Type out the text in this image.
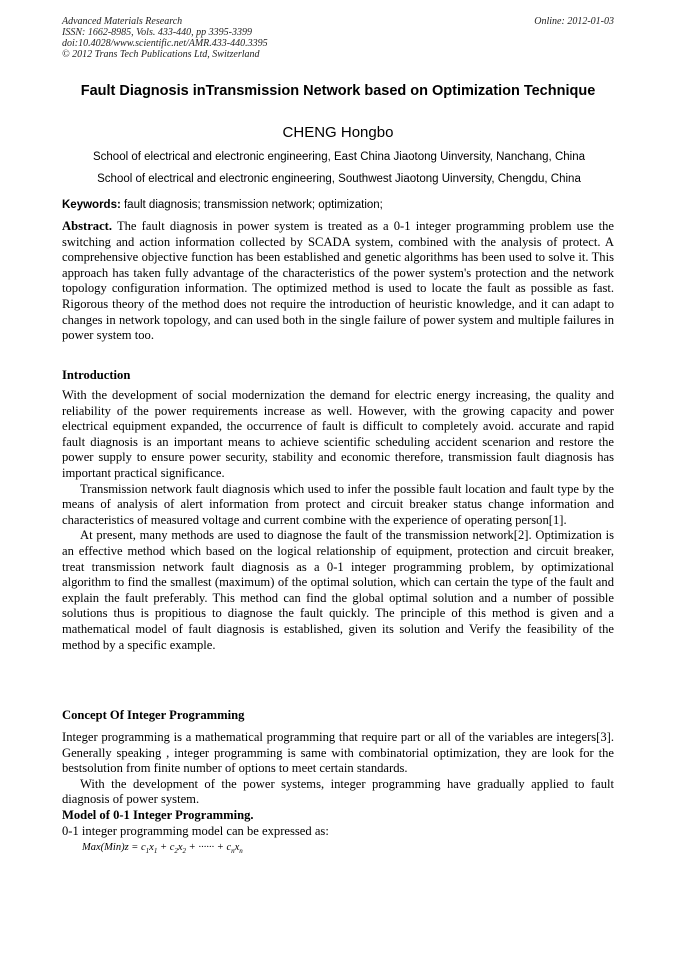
Advanced Materials Research
ISSN: 1662-8985, Vols. 433-440, pp 3395-3399
doi:10.4028/www.scientific.net/AMR.433-440.3395
© 2012 Trans Tech Publications Ltd, Switzerland
Online: 2012-01-03
Fault Diagnosis inTransmission Network based on Optimization Technique
CHENG Hongbo
School of electrical and electronic engineering, East China Jiaotong Uinversity, Nanchang, China
School of electrical and electronic engineering, Southwest Jiaotong Uinversity, Chengdu, China
Keywords: fault diagnosis; transmission network; optimization;

Abstract. The fault diagnosis in power system is treated as a 0-1 integer programming problem use the switching and action information collected by SCADA system, combined with the analysis of protect. A comprehensive objective function has been established and genetic algorithms has been used to solve it. This approach has taken fully advantage of the characteristics of the power system's protection and the network topology configuration information. The optimized method is used to locate the fault as possible as fast. Rigorous theory of the method does not require the introduction of heuristic knowledge, and it can adapt to changes in network topology, and can used both in the single failure of power system and multiple failures in power system too.

Introduction

With the development of social modernization the demand for electric energy increasing, the quality and reliability of the power requirements increase as well. However, with the growing capacity and power electrical equipment expanded, the occurrence of fault is difficult to completely avoid. accurate and rapid fault diagnosis is an important means to achieve scientific scheduling accident scenarion and restore the power supply to ensure power security, stability and economic therefore, transmission fault diagnosis has important practical significance.

Transmission network fault diagnosis which used to infer the possible fault location and fault type by the means of analysis of alert information from protect and circuit breaker status change information and characteristics of measured voltage and current combine with the experience of operating person[1].

At present, many methods are used to diagnose the fault of the transmission network[2]. Optimization is an effective method which based on the logical relationship of equipment, protection and circuit breaker, treat transmission network fault diagnosis as a 0-1 integer programming problem, by optimizational algorithm to find the smallest (maximum) of the optimal solution, which can certain the type of the fault and explain the fault preferably. This method can find the global optimal solution and a number of possible solutions thus is propitious to diagnose the fault quickly. The principle of this method is given and a mathematical model of fault diagnosis is established, given its solution and Verify the feasibility of the method by a specific example.

Concept Of Integer Programming

Integer programming is a mathematical programming that require part or all of the variables are integers[3]. Generally speaking , integer programming is same with combinatorial optimization, they are look for the bestsolution from finite number of options to meet certain standards.

With the development of the power systems, integer programming have gradually applied to fault diagnosis of power system.

Model of 0-1 Integer Programming.
0-1 integer programming model can be expressed as:
$Max(Min)z = c_1x_1 + c_2x_2$ + ······ + $c_nx_n$
